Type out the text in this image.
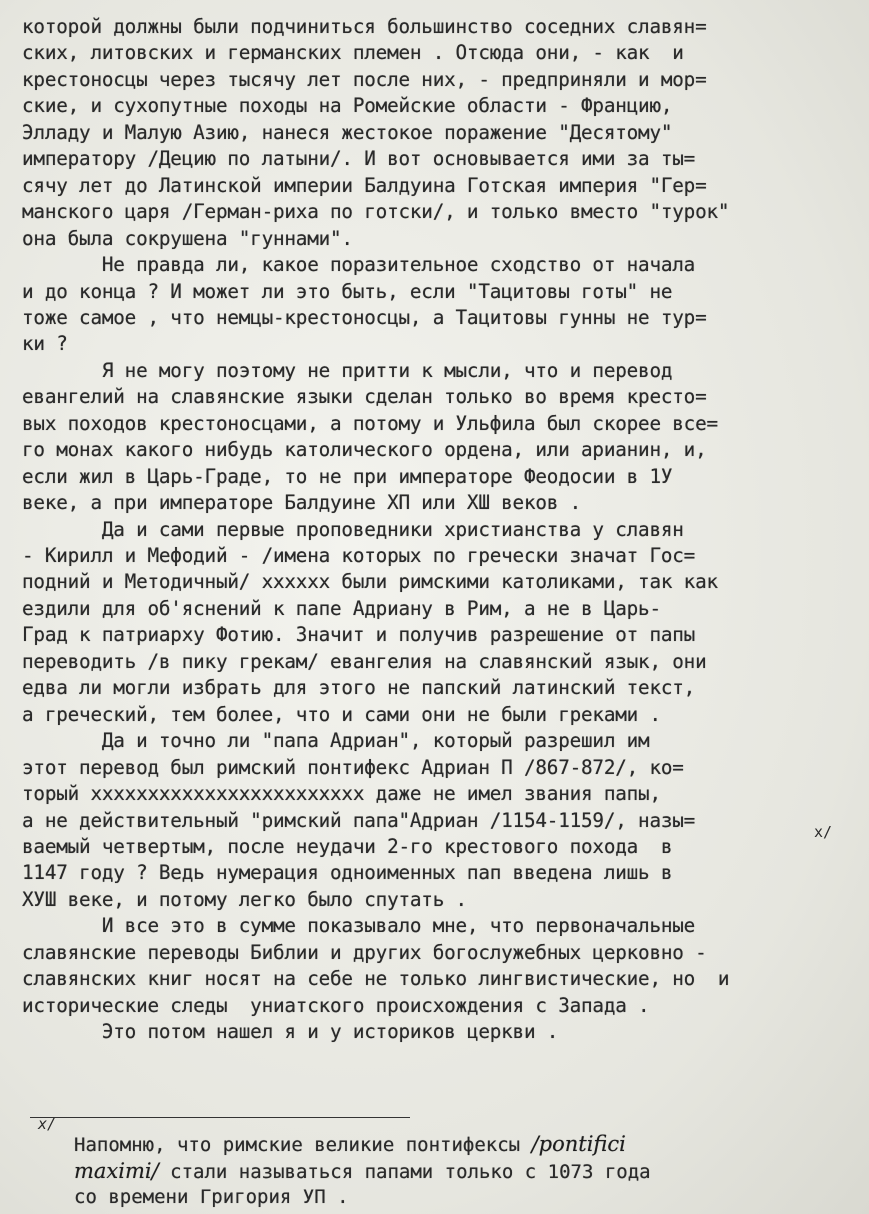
которой должны были подчиниться большинство соседних славян=

ских, литовских и германских племен . Отсюда они, - как  и

крестоносцы через тысячу лет после них, - предприняли и мор=

ские, и сухопутные походы на Ромейские области - Францию,

Элладу и Малую Азию, нанеся жестокое поражение "Десятому"

императору /Децию по латыни/. И вот основывается ими за ты=

сячу лет до Латинской империи Балдуина Готская империя "Гер=

манского царя /Герман-риха по готски/, и только вместо "турок"

она была сокрушена "гуннами".

Не правда ли, какое поразительное сходство от начала

и до конца ? И может ли это быть, если "Тацитовы готы" не

тоже самое , что немцы-крестоносцы, а Тацитовы гунны не тур=

ки ?

Я не могу поэтому не притти к мысли, что и перевод

евангелий на славянские языки сделан только во время кресто=

вых походов крестоносцами, а потому и Ульфила был скорее все=

го монах какого нибудь католического ордена, или арианин, и,

если жил в Царь-Граде, то не при императоре Феодосии в 1У

веке, а при императоре Балдуине ХП или ХШ веков .

Да и сами первые проповедники христианства у славян

- Кирилл и Мефодий - /имена которых по гречески значат Гос=

подний и Методичный/ хххххх были римскими католиками, так как

ездили для об'яснений к папе Адриану в Рим, а не в Царь-

Град к патриарху Фотию. Значит и получив разрешение от папы

переводить /в пику грекам/ евангелия на славянский язык, они

едва ли могли избрать для этого не папский латинский текст,

а греческий, тем более, что и сами они не были греками .

Да и точно ли "папа Адриан", который разрешил им

этот перевод был римский понтифекс Адриан П /867-872/, ко=

торый хххххххххххххххххххххххх даже не имел звания папы,

а не действительный "римский папа"Адриан /1154-1159/, назы=

ваемый четвертым, после неудачи 2-го крестового похода  в

1147 году ? Ведь нумерация одноименных пап введена лишь в

ХУШ веке, и потому легко было спутать .

И все это в сумме показывало мне, что первоначальные

славянские переводы Библии и других богослужебных церковно -

славянских книг носят на себе не только лингвистические, но  и

исторические следы  униатского происхождения с Запада .

Это потом нашел я и у историков церкви .

x/
x/

Напомню, что римские великие понтифексы /pontifici

maximi/ стали называться папами только с 1073 года

со времени Григория УП .
